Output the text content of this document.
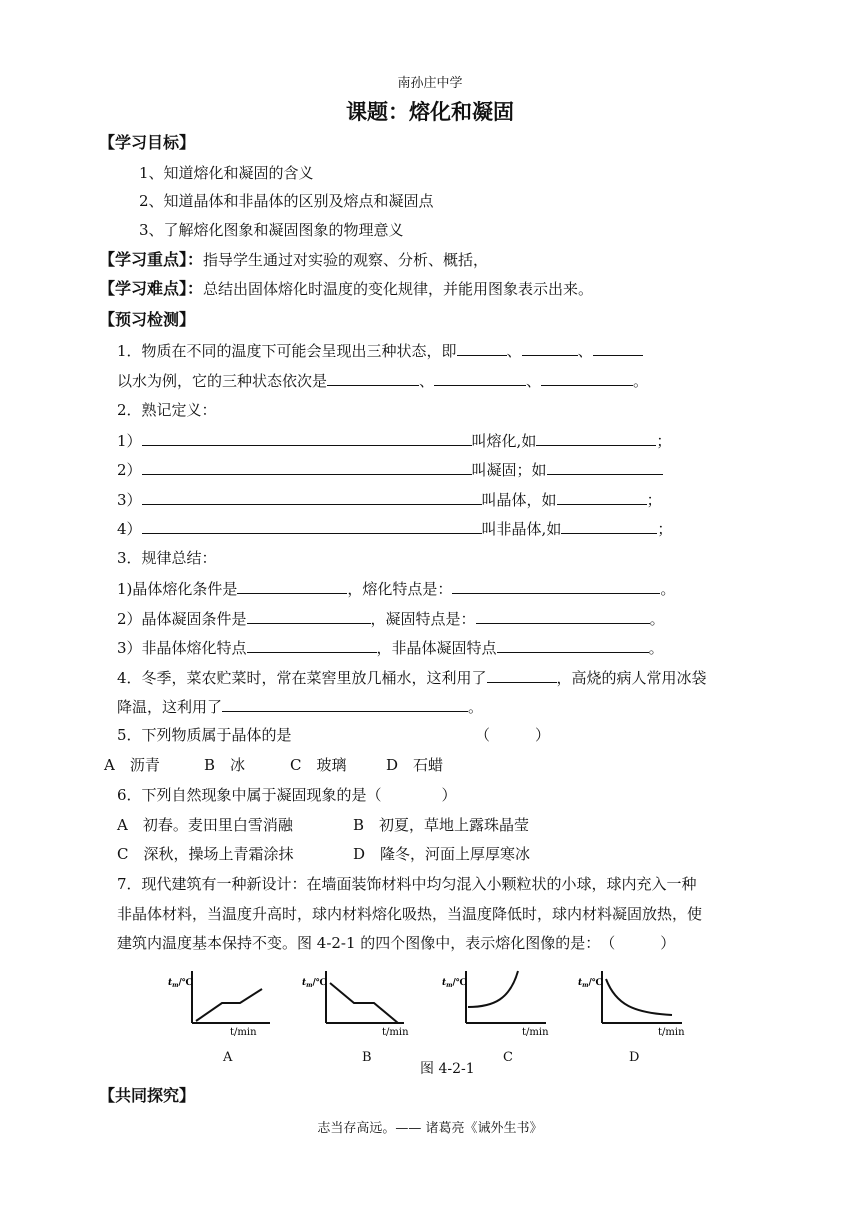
南孙庄中学
课题：熔化和凝固
【学习目标】
1、知道熔化和凝固的含义
2、知道晶体和非晶体的区别及熔点和凝固点
3、了解熔化图象和凝固图象的物理意义
【学习重点】：指导学生通过对实验的观察、分析、概括，
【学习难点】：总结出固体熔化时温度的变化规律，并能用图象表示出来。
【预习检测】
1．物质在不同的温度下可能会呈现出三种状态，即	、	、
以水为例，它的三种状态依次是	、	、	。
2．熟记定义：
1）	叫熔化,如	；
2）	叫凝固；如
3）	叫晶体，如	；
4）	叫非晶体,如	；
3．规律总结：
1)晶体熔化条件是	，熔化特点是：	。
2）晶体凝固条件是	，凝固特点是：	。
3）非晶体熔化特点	，非晶体凝固特点	。
4．冬季，菜农贮菜时，常在菜窖里放几桶水，这利用了	，高烧的病人常用冰袋
降温，这利用了	。
5．下列物质属于晶体的是	（　　　）
A　沥青	B　冰	C　玻璃	D　石蜡
6．下列自然现象中属于凝固现象的是（　　　　）
A　初春。麦田里白雪消融	B　初夏，草地上露珠晶莹
C　深秋，操场上青霜涂抹	D　隆冬，河面上厚厚寒冰
7．现代建筑有一种新设计：在墙面装饰材料中均匀混入小颗粒状的小球，球内充入一种
非晶体材料，当温度升高时，球内材料熔化吸热，当温度降低时，球内材料凝固放热，使
建筑内温度基本保持不变。图 4-2-1 的四个图像中，表示熔化图像的是：　（　　　）
$t_m/℃$
t/min
$t_m/℃$
t/min
$t_m/℃$
t/min
$t_m/℃$
t/min
A	B	C	D
图 4-2-1
【共同探究】
志当存高远。—— 诸葛亮《诫外生书》
